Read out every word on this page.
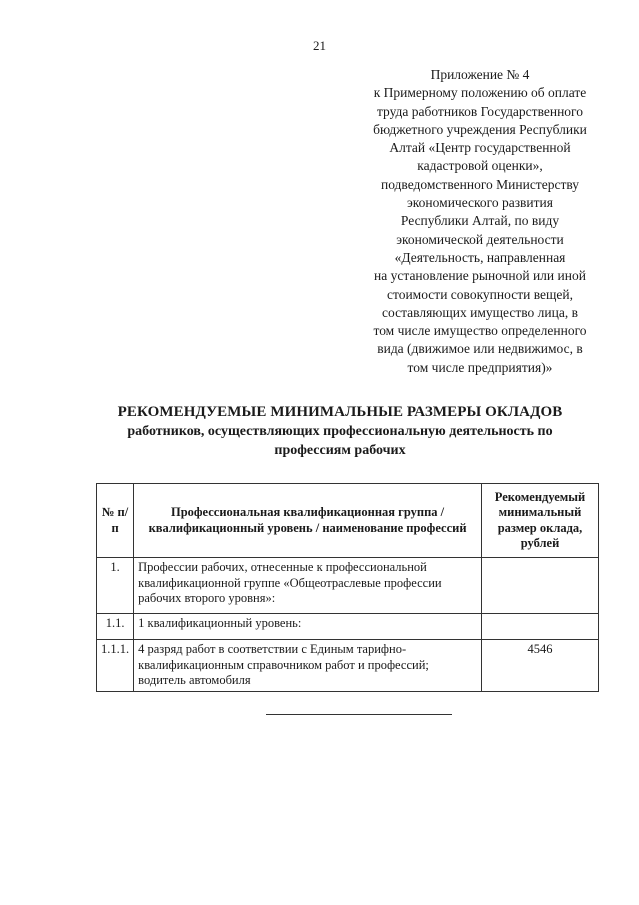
21
Приложение № 4
к Примерному положению об оплате
труда работников Государственного
бюджетного учреждения Республики
Алтай «Центр государственной
кадастровой оценки»,
подведомственного Министерству
экономического развития
Республики Алтай, по виду
экономической деятельности
«Деятельность, направленная
на установление рыночной или иной
стоимости совокупности вещей,
составляющих имущество лица, в
том числе имущество определенного
вида (движимое или недвижимос, в
том числе предприятия)»
РЕКОМЕНДУЕМЫЕ МИНИМАЛЬНЫЕ РАЗМЕРЫ ОКЛАДОВ
работников, осуществляющих профессиональную деятельность по
профессиям рабочих
№ п/п	Профессиональная квалификационная группа / квалификационный уровень / наименование профессий	Рекомендуемый минимальный размер оклада, рублей
1.	Профессии рабочих, отнесенные к профессиональной квалификационной группе «Общеотраслевые профессии рабочих второго уровня»:	
1.1.	1 квалификационный уровень:	
1.1.1.	4 разряд работ в соответствии с Единым тарифно-квалификационным справочником работ и профессий; водитель автомобиля	4546
